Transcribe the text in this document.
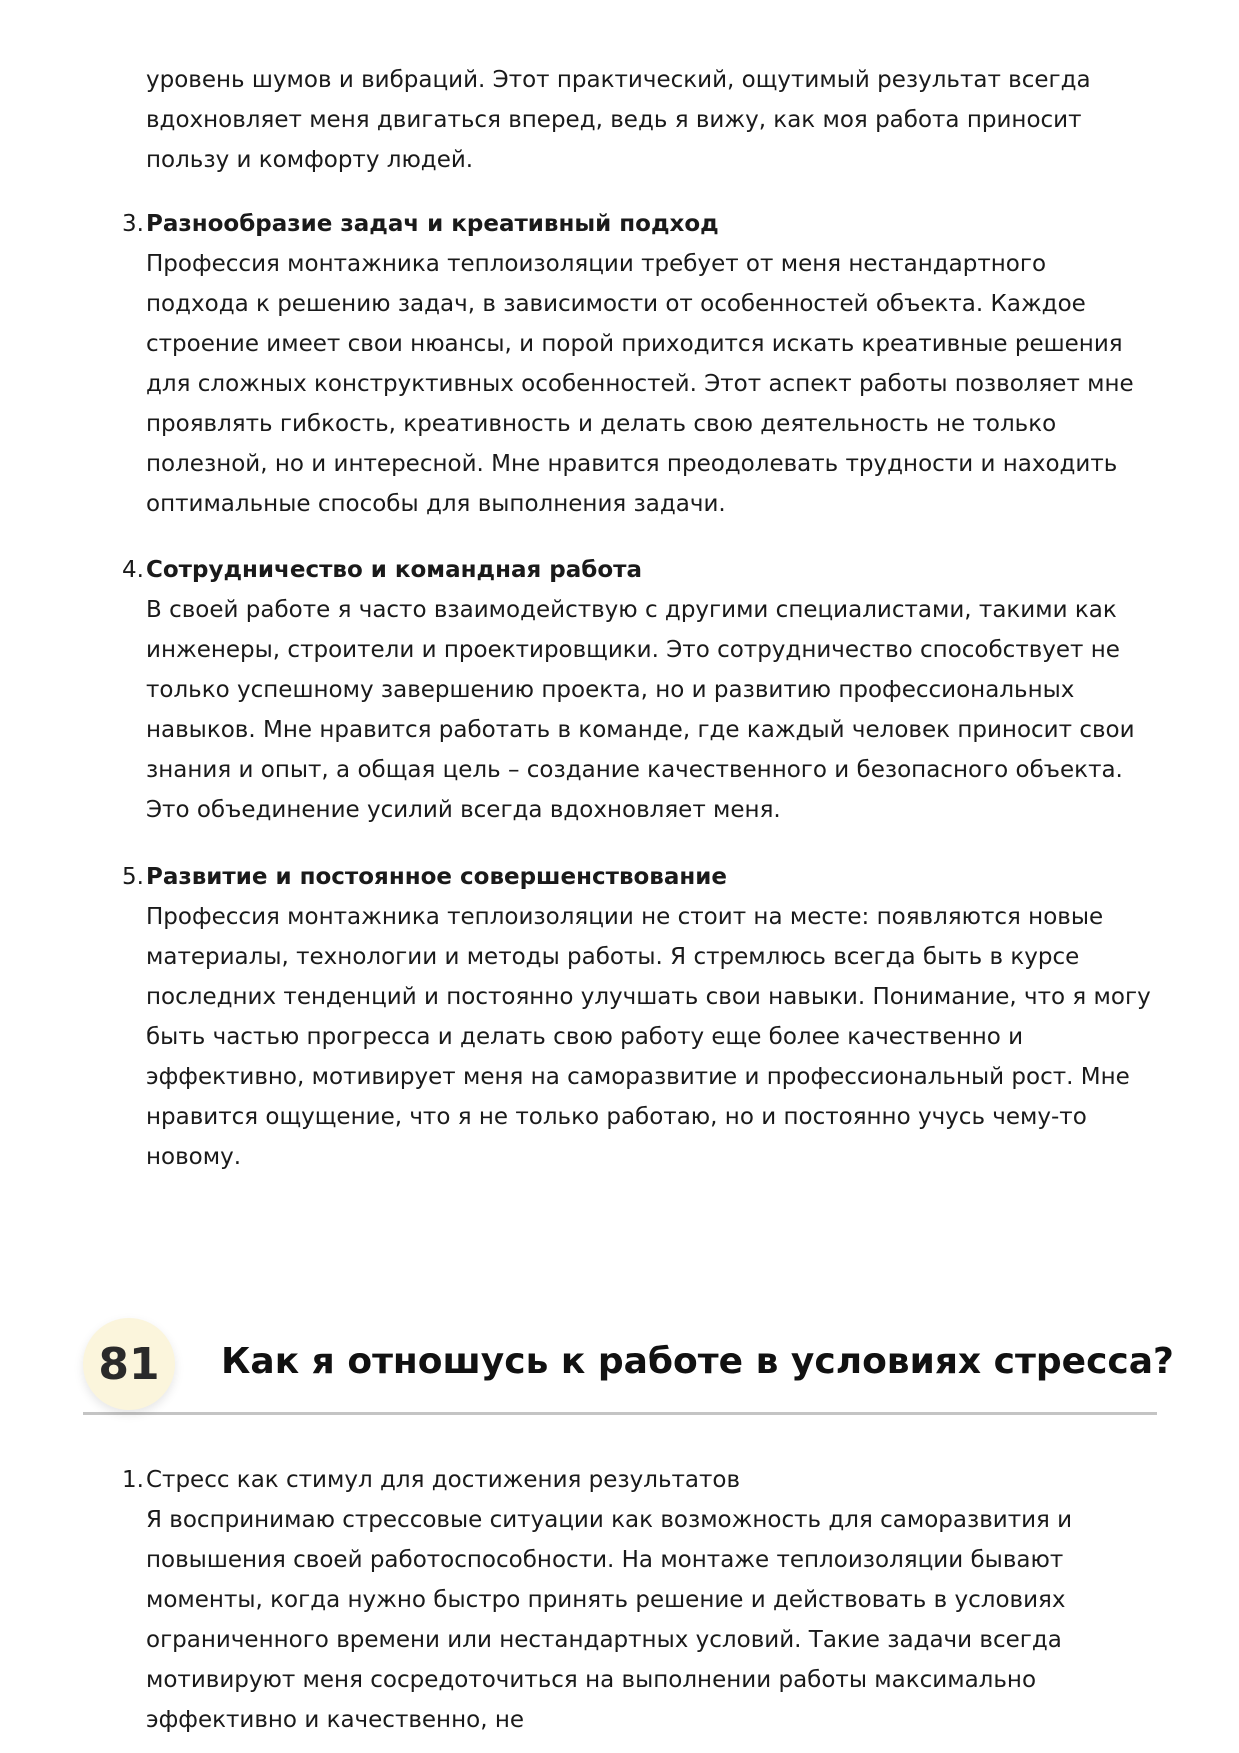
уровень шумов и вибраций. Этот практический, ощутимый результат всегда вдохновляет меня двигаться вперед, ведь я вижу, как моя работа приносит пользу и комфорту людей.

3. Разнообразие задач и креативный подход
Профессия монтажника теплоизоляции требует от меня нестандартного подхода к решению задач, в зависимости от особенностей объекта. Каждое строение имеет свои нюансы, и порой приходится искать креативные решения для сложных конструктивных особенностей. Этот аспект работы позволяет мне проявлять гибкость, креативность и делать свою деятельность не только полезной, но и интересной. Мне нравится преодолевать трудности и находить оптимальные способы для выполнения задачи.
4. Сотрудничество и командная работа
В своей работе я часто взаимодействую с другими специалистами, такими как инженеры, строители и проектировщики. Это сотрудничество способствует не только успешному завершению проекта, но и развитию профессиональных навыков. Мне нравится работать в команде, где каждый человек приносит свои знания и опыт, а общая цель – создание качественного и безопасного объекта. Это объединение усилий всегда вдохновляет меня.
5. Развитие и постоянное совершенствование
Профессия монтажника теплоизоляции не стоит на месте: появляются новые материалы, технологии и методы работы. Я стремлюсь всегда быть в курсе последних тенденций и постоянно улучшать свои навыки. Понимание, что я могу быть частью прогресса и делать свою работу еще более качественно и эффективно, мотивирует меня на саморазвитие и профессиональный рост. Мне нравится ощущение, что я не только работаю, но и постоянно учусь чему-то новому.
81	Как я отношусь к работе в условиях стресса?
1. Стресс как стимул для достижения результатов
Я воспринимаю стрессовые ситуации как возможность для саморазвития и повышения своей работоспособности. На монтаже теплоизоляции бывают моменты, когда нужно быстро принять решение и действовать в условиях ограниченного времени или нестандартных условий. Такие задачи всегда мотивируют меня сосредоточиться на выполнении работы максимально эффективно и качественно, не
